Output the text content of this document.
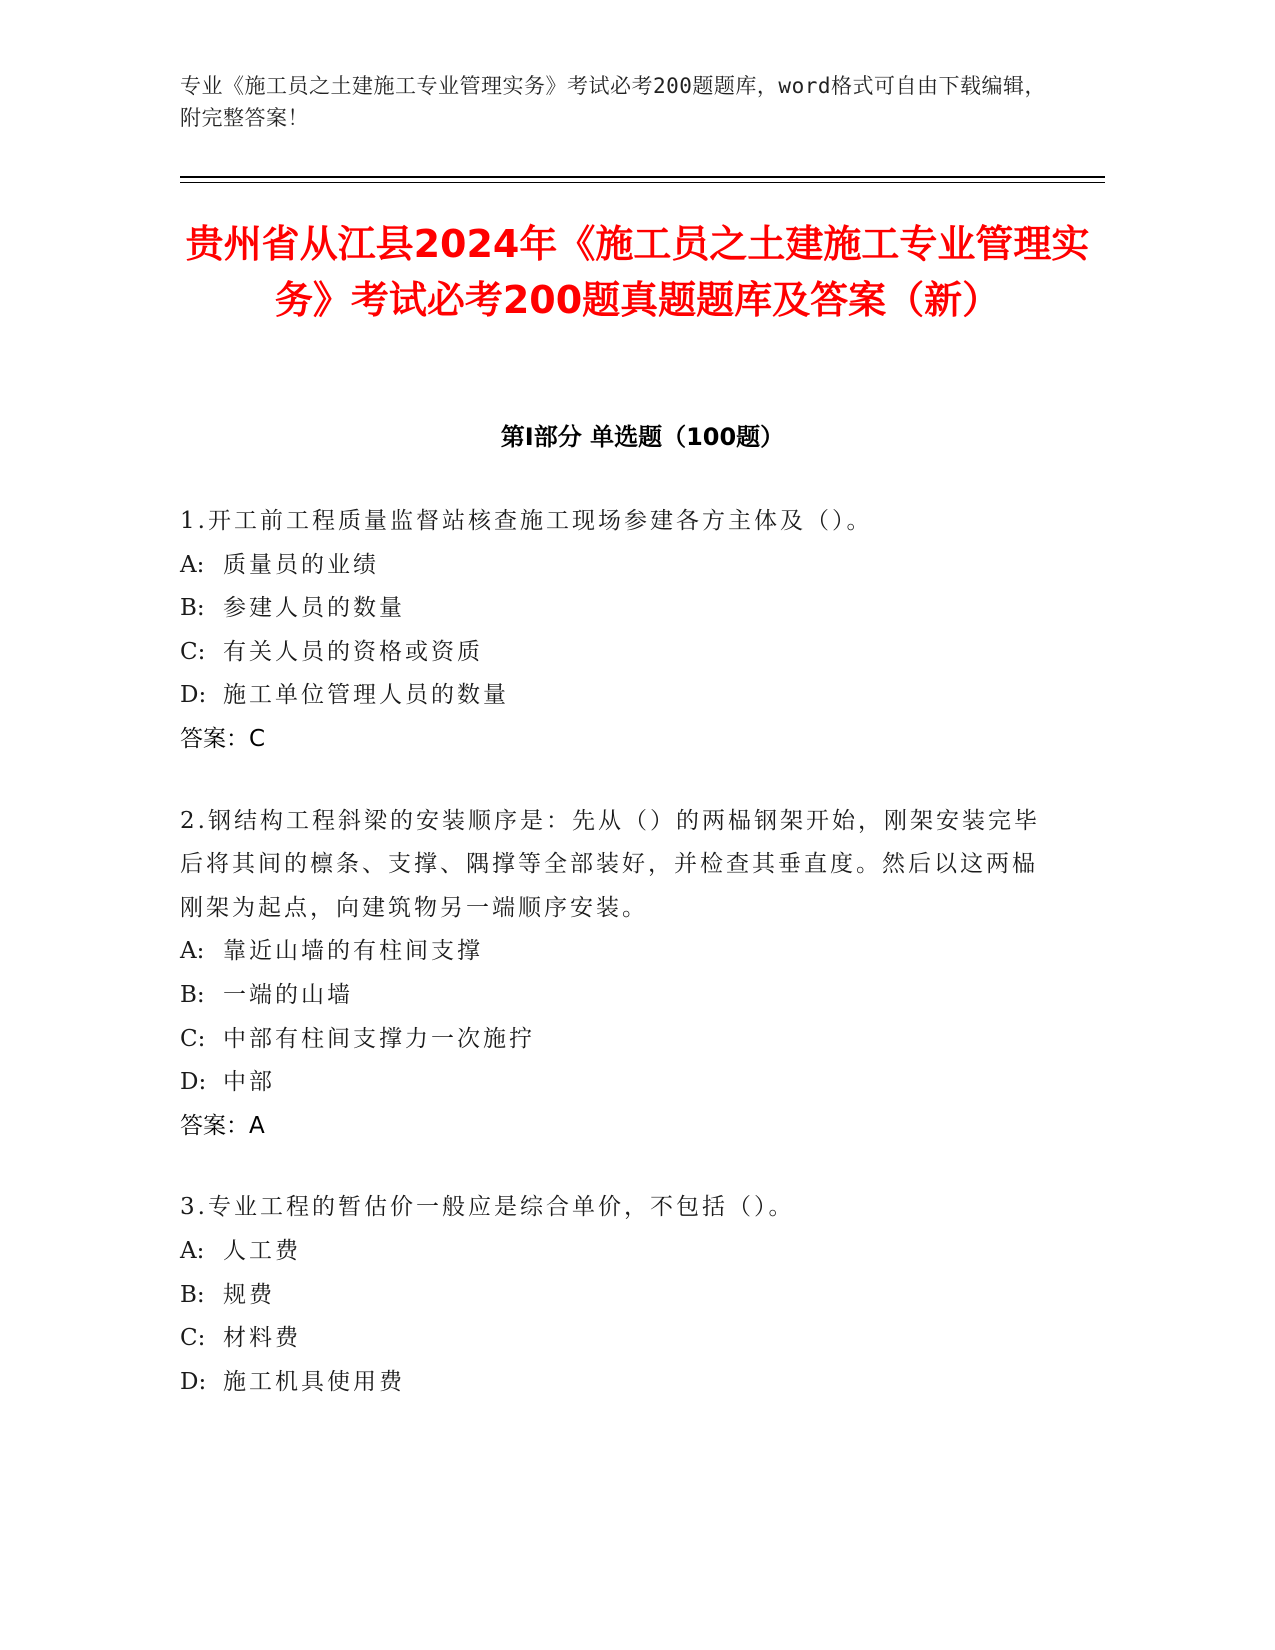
专业《施工员之土建施工专业管理实务》考试必考200题题库，word格式可自由下载编辑，附完整答案！
贵州省从江县2024年《施工员之土建施工专业管理实务》考试必考200题真题题库及答案（新）
第Ⅰ部分 单选题（100题）

1.开工前工程质量监督站核查施工现场参建各方主体及（）。

A: 质量员的业绩

B: 参建人员的数量

C: 有关人员的资格或资质

D: 施工单位管理人员的数量

答案：C

2.钢结构工程斜梁的安装顺序是：先从（）的两榀钢架开始，刚架安装完毕后将其间的檩条、支撑、隅撑等全部装好，并检查其垂直度。然后以这两榀刚架为起点，向建筑物另一端顺序安装。

A: 靠近山墙的有柱间支撑

B: 一端的山墙

C: 中部有柱间支撑力一次施拧

D: 中部

答案：A

3.专业工程的暂估价一般应是综合单价，不包括（）。

A: 人工费

B: 规费

C: 材料费

D: 施工机具使用费
